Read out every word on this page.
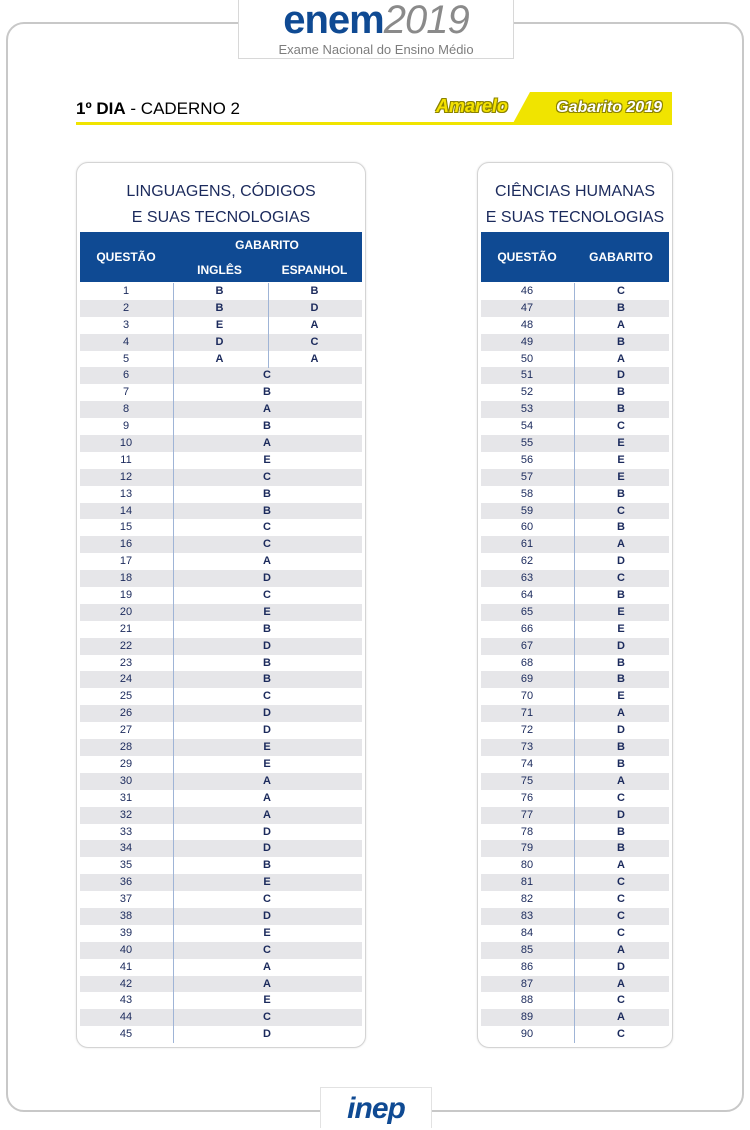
enem2019
Exame Nacional do Ensino Médio
1º DIA - CADERNO 2	Amarelo	Gabarito 2019
LINGUAGENS, CÓDIGOS
E SUAS TECNOLOGIAS
QUESTÃO
GABARITO
INGLÊS	ESPANHOL
1	B	B
2	B	D
3	E	A
4	D	C
5	A	A
6	C
7	B
8	A
9	B
10	A
11	E
12	C
13	B
14	B
15	C
16	C
17	A
18	D
19	C
20	E
21	B
22	D
23	B
24	B
25	C
26	D
27	D
28	E
29	E
30	A
31	A
32	A
33	D
34	D
35	B
36	E
37	C
38	D
39	E
40	C
41	A
42	A
43	E
44	C
45	D
CIÊNCIAS HUMANAS
E SUAS TECNOLOGIAS
QUESTÃO	GABARITO
46	C
47	B
48	A
49	B
50	A
51	D
52	B
53	B
54	C
55	E
56	E
57	E
58	B
59	C
60	B
61	A
62	D
63	C
64	B
65	E
66	E
67	D
68	B
69	B
70	E
71	A
72	D
73	B
74	B
75	A
76	C
77	D
78	B
79	B
80	A
81	C
82	C
83	C
84	C
85	A
86	D
87	A
88	C
89	A
90	C
inep
